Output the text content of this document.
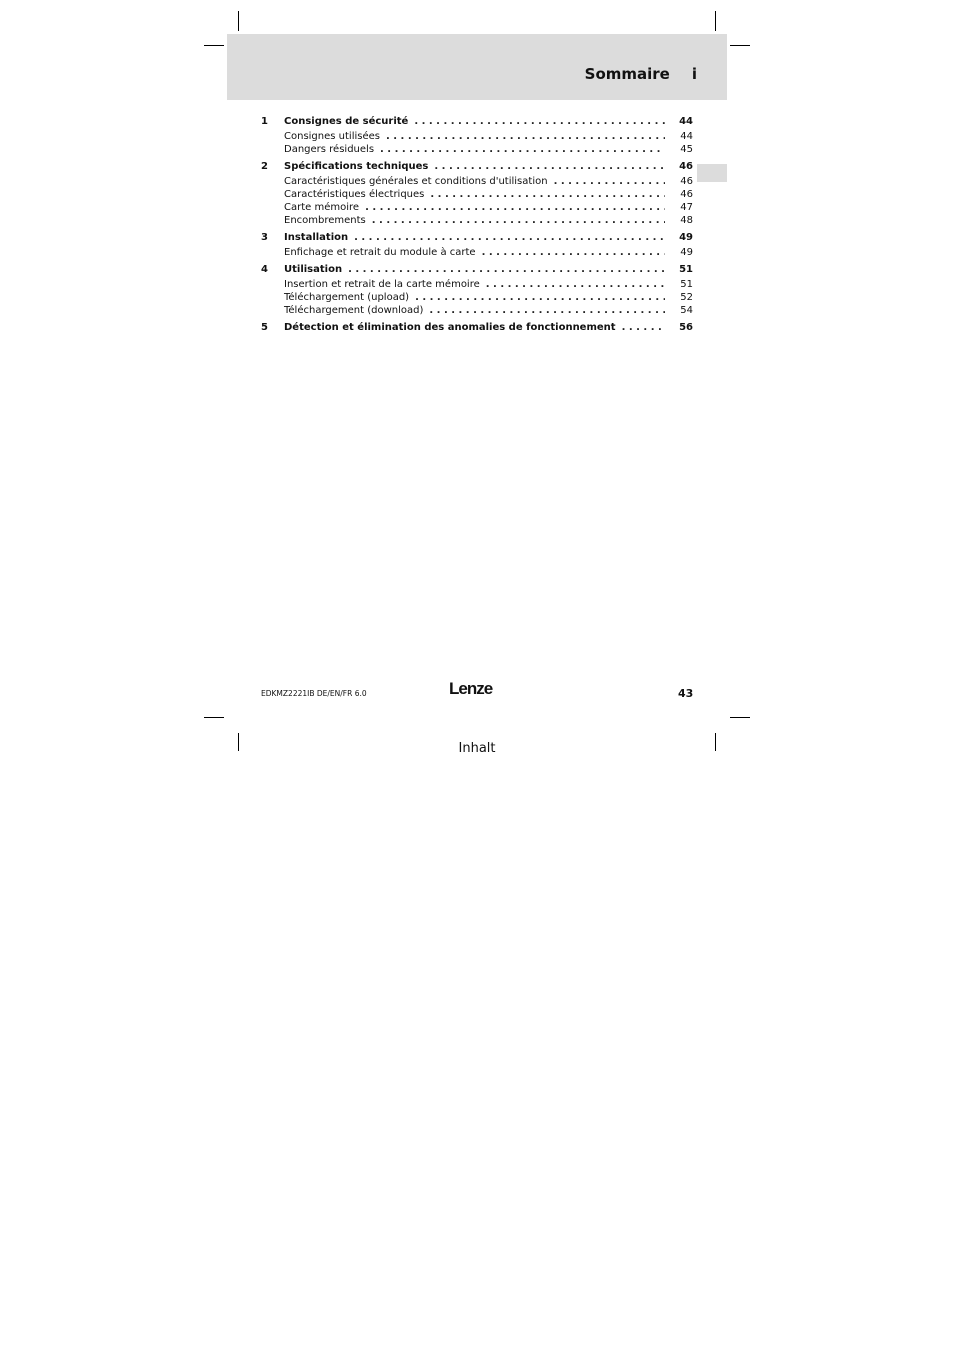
Sommaire i
1	Consignes de sécurité . . .	44
Consignes utilisées . . .	44
Dangers résiduels . . .	45
2	Spécifications techniques . . .	46
Caractéristiques générales et conditions d'utilisation . . .	46
Caractéristiques électriques . . .	46
Carte mémoire . . .	47
Encombrements . . .	48
3	Installation . . .	49
Enfichage et retrait du module à carte . . .	49
4	Utilisation . . .	51
Insertion et retrait de la carte mémoire . . .	51
Téléchargement (upload) . . .	52
Téléchargement (download) . . .	54
5	Détection et élimination des anomalies de fonctionnement . . .	56
EDKMZ2221IB DE/EN/FR 6.0	Lenze	43
Inhalt
